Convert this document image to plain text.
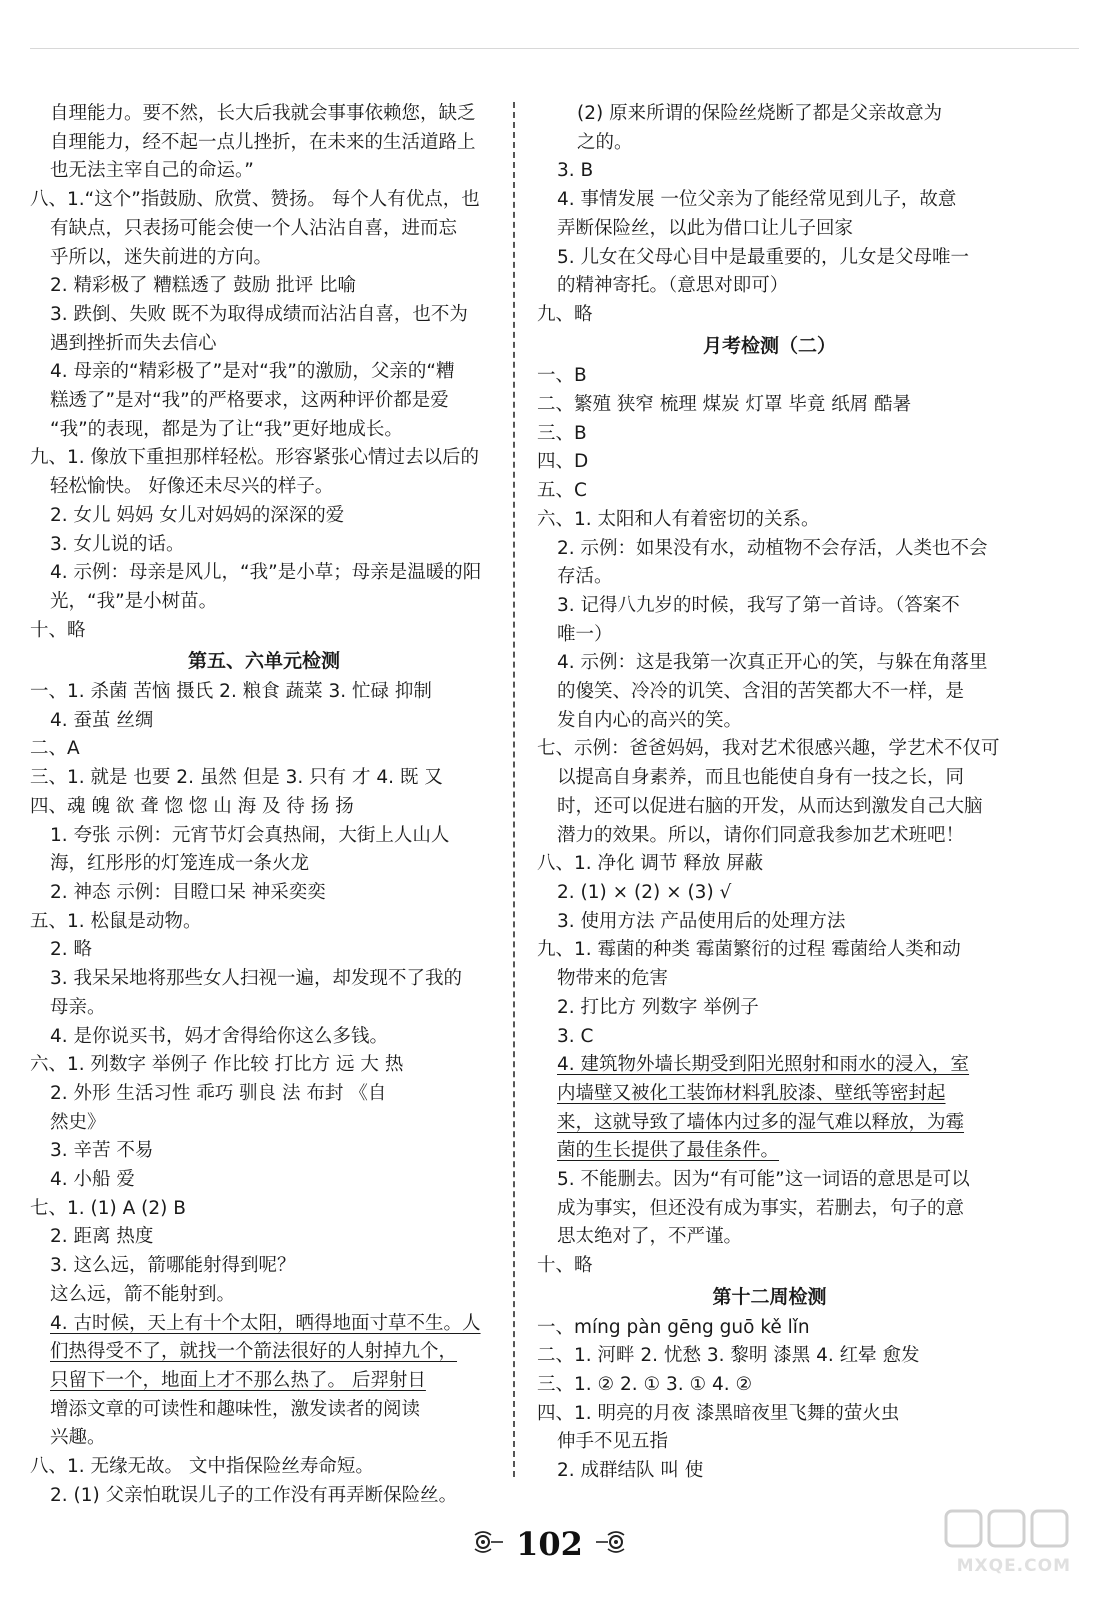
自理能力。要不然，长大后我就会事事依赖您，缺乏
自理能力，经不起一点儿挫折，在未来的生活道路上
也无法主宰自己的命运。”
八、1.“这个”指鼓励、欣赏、赞扬。 每个人有优点，也
有缺点，只表扬可能会使一个人沾沾自喜，进而忘
乎所以，迷失前进的方向。
2. 精彩极了 糟糕透了 鼓励 批评 比喻
3. 跌倒、失败 既不为取得成绩而沾沾自喜，也不为
遇到挫折而失去信心
4. 母亲的“精彩极了”是对“我”的激励，父亲的“糟
糕透了”是对“我”的严格要求，这两种评价都是爱
“我”的表现，都是为了让“我”更好地成长。
九、1. 像放下重担那样轻松。形容紧张心情过去以后的
轻松愉快。 好像还未尽兴的样子。
2. 女儿 妈妈 女儿对妈妈的深深的爱
3. 女儿说的话。
4. 示例：母亲是风儿，“我”是小草；母亲是温暖的阳
光，“我”是小树苗。
十、略
第五、六单元检测
一、1. 杀菌 苦恼 摄氏 2. 粮食 蔬菜 3. 忙碌 抑制
4. 蚕茧 丝绸
二、A
三、1. 就是 也要 2. 虽然 但是 3. 只有 才 4. 既 又
四、魂 魄 欲 聋 惚 惚 山 海 及 待 扬 扬
1. 夸张 示例：元宵节灯会真热闹，大街上人山人
海，红彤彤的灯笼连成一条火龙
2. 神态 示例：目瞪口呆 神采奕奕
五、1. 松鼠是动物。
2. 略
3. 我呆呆地将那些女人扫视一遍，却发现不了我的
母亲。
4. 是你说买书，妈才舍得给你这么多钱。
六、1. 列数字 举例子 作比较 打比方 远 大 热
2. 外形 生活习性 乖巧 驯良 法 布封 《自
然史》
3. 辛苦 不易
4. 小船 爱
七、1. (1) A (2) B
2. 距离 热度
3. 这么远，箭哪能射得到呢？
这么远，箭不能射到。
4. 古时候，天上有十个太阳，晒得地面寸草不生。人
们热得受不了，就找一个箭法很好的人射掉九个，
只留下一个，地面上才不那么热了。 后羿射日
增添文章的可读性和趣味性，激发读者的阅读
兴趣。
八、1. 无缘无故。 文中指保险丝寿命短。
2. (1) 父亲怕耽误儿子的工作没有再弄断保险丝。
(2) 原来所谓的保险丝烧断了都是父亲故意为
之的。
3. B
4. 事情发展 一位父亲为了能经常见到儿子，故意
弄断保险丝，以此为借口让儿子回家
5. 儿女在父母心目中是最重要的，儿女是父母唯一
的精神寄托。（意思对即可）
九、略
月考检测（二）
一、B
二、繁殖 狭窄 梳理 煤炭 灯罩 毕竟 纸屑 酷暑
三、B
四、D
五、C
六、1. 太阳和人有着密切的关系。
2. 示例：如果没有水，动植物不会存活，人类也不会
存活。
3. 记得八九岁的时候，我写了第一首诗。（答案不
唯一）
4. 示例：这是我第一次真正开心的笑，与躲在角落里
的傻笑、冷冷的讥笑、含泪的苦笑都大不一样，是
发自内心的高兴的笑。
七、示例：爸爸妈妈，我对艺术很感兴趣，学艺术不仅可
以提高自身素养，而且也能使自身有一技之长，同
时，还可以促进右脑的开发，从而达到激发自己大脑
潜力的效果。所以，请你们同意我参加艺术班吧！
八、1. 净化 调节 释放 屏蔽
2. (1) × (2) × (3) √
3. 使用方法 产品使用后的处理方法
九、1. 霉菌的种类 霉菌繁衍的过程 霉菌给人类和动
物带来的危害
2. 打比方 列数字 举例子
3. C
4. 建筑物外墙长期受到阳光照射和雨水的浸入，室
内墙壁又被化工装饰材料乳胶漆、壁纸等密封起
来，这就导致了墙体内过多的湿气难以释放，为霉
菌的生长提供了最佳条件。
5. 不能删去。因为“有可能”这一词语的意思是可以
成为事实，但还没有成为事实，若删去，句子的意
思太绝对了，不严谨。
十、略
第十二周检测
一、míng pàn gēng guō kě lǐn
二、1. 河畔 2. 忧愁 3. 黎明 漆黑 4. 红晕 愈发
三、1. ② 2. ① 3. ① 4. ②
四、1. 明亮的月夜 漆黑暗夜里飞舞的萤火虫
伸手不见五指
2. 成群结队 叫 使
102
MXQE.COM
